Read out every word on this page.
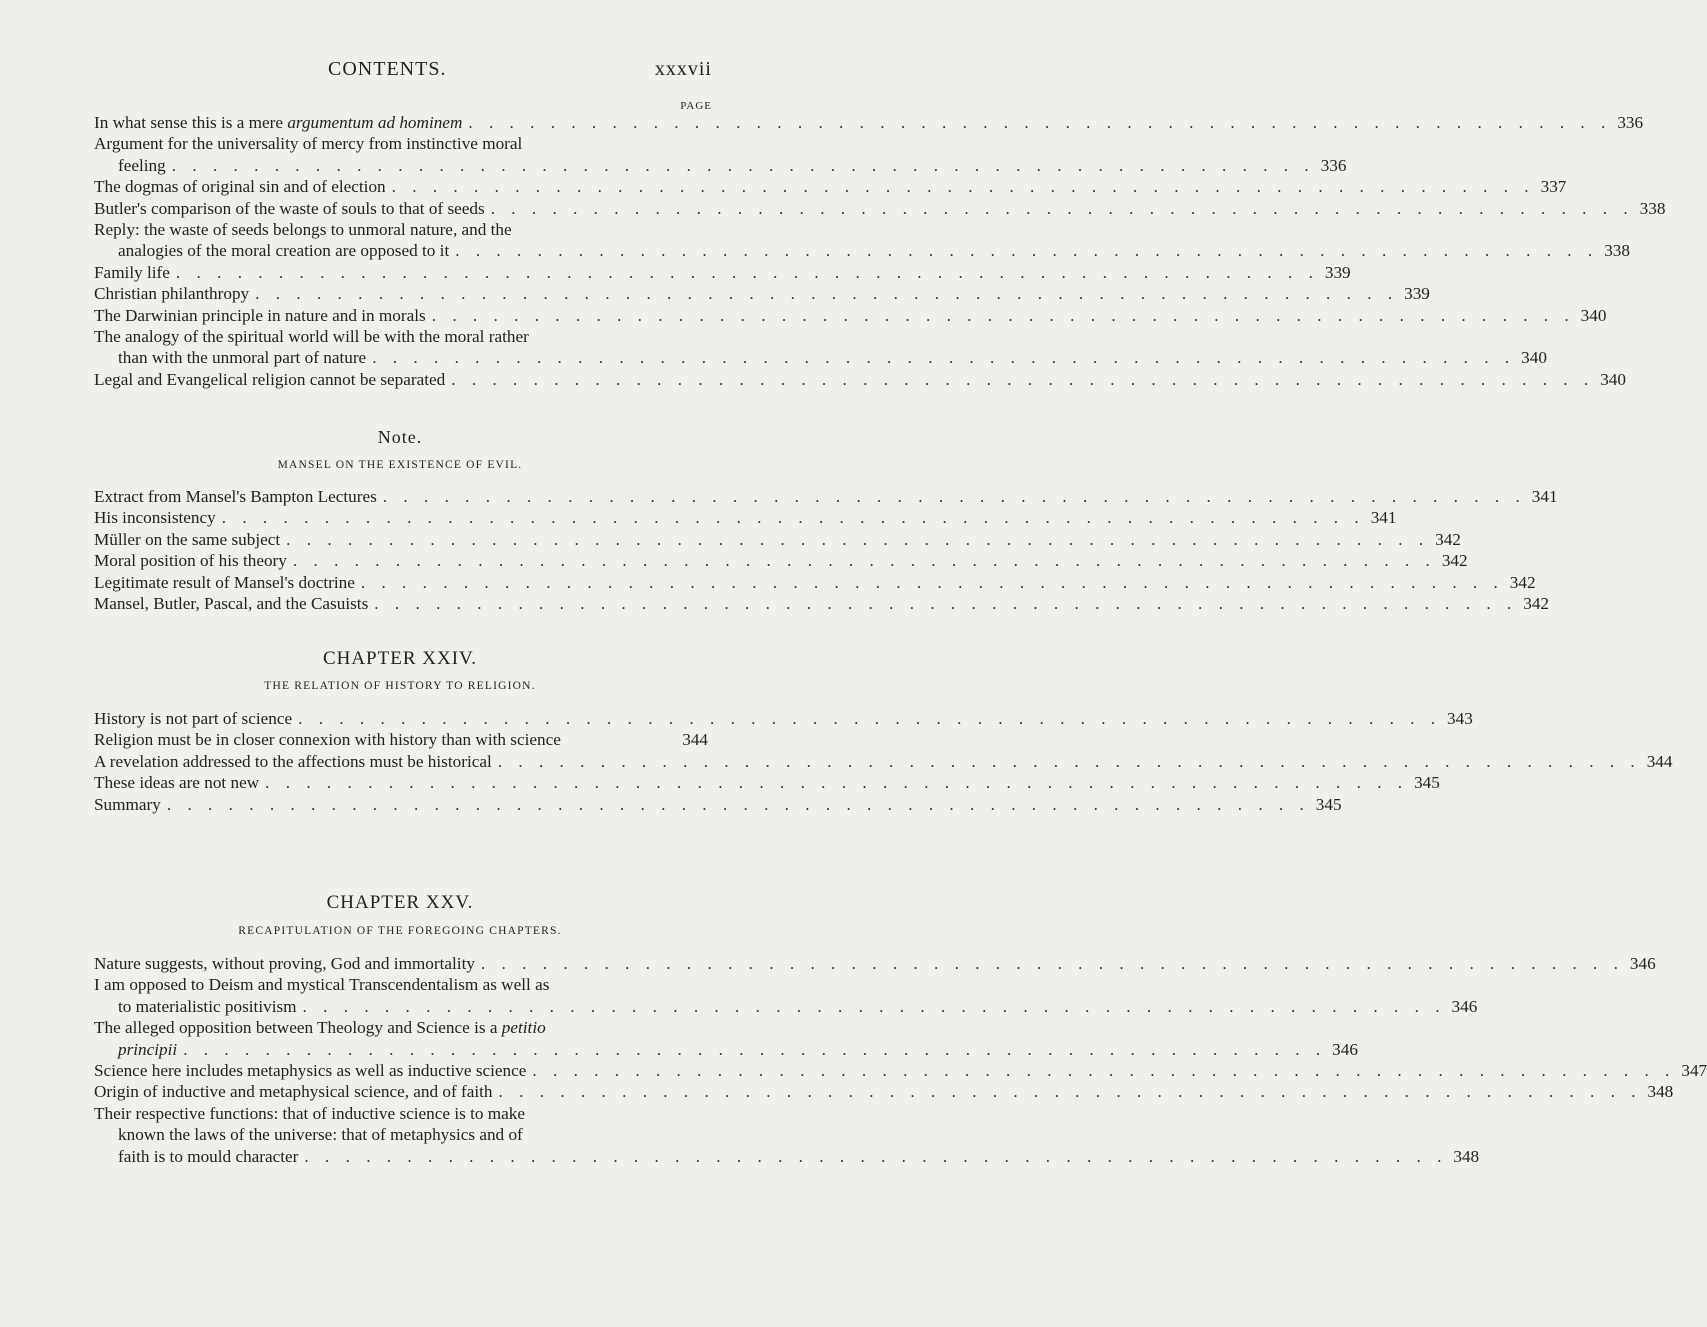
CONTENTS.	xxxvii
PAGE
In what sense this is a mere argumentum ad hominem . . . . . . . . . . . . . . . . . . . . . . . . . . . . . . . . . . . . . . . . . . . . . . . . . . . . . . . . 336
Argument for the universality of mercy from instinctive moral
feeling . . . . . . . . . . . . . . . . . . . . . . . . . . . . . . . . . . . . . . . . . . . . . . . . . . . . . . . . 336
The dogmas of original sin and of election . . . . . . . . . . . . . . . . . . . . . . . . . . . . . . . . . . . . . . . . . . . . . . . . . . . . . . . . 337
Butler's comparison of the waste of souls to that of seeds . . . . . . . . . . . . . . . . . . . . . . . . . . . . . . . . . . . . . . . . . . . . . . . . . . . . . . . . 338
Reply: the waste of seeds belongs to unmoral nature, and the
analogies of the moral creation are opposed to it . . . . . . . . . . . . . . . . . . . . . . . . . . . . . . . . . . . . . . . . . . . . . . . . . . . . . . . . 338
Family life . . . . . . . . . . . . . . . . . . . . . . . . . . . . . . . . . . . . . . . . . . . . . . . . . . . . . . . . 339
Christian philanthropy . . . . . . . . . . . . . . . . . . . . . . . . . . . . . . . . . . . . . . . . . . . . . . . . . . . . . . . . 339
The Darwinian principle in nature and in morals . . . . . . . . . . . . . . . . . . . . . . . . . . . . . . . . . . . . . . . . . . . . . . . . . . . . . . . . 340
The analogy of the spiritual world will be with the moral rather
than with the unmoral part of nature . . . . . . . . . . . . . . . . . . . . . . . . . . . . . . . . . . . . . . . . . . . . . . . . . . . . . . . . 340
Legal and Evangelical religion cannot be separated . . . . . . . . . . . . . . . . . . . . . . . . . . . . . . . . . . . . . . . . . . . . . . . . . . . . . . . . 340
Note.
MANSEL ON THE EXISTENCE OF EVIL.
Extract from Mansel's Bampton Lectures . . . . . . . . . . . . . . . . . . . . . . . . . . . . . . . . . . . . . . . . . . . . . . . . . . . . . . . . 341
His inconsistency . . . . . . . . . . . . . . . . . . . . . . . . . . . . . . . . . . . . . . . . . . . . . . . . . . . . . . . . 341
Müller on the same subject . . . . . . . . . . . . . . . . . . . . . . . . . . . . . . . . . . . . . . . . . . . . . . . . . . . . . . . . 342
Moral position of his theory . . . . . . . . . . . . . . . . . . . . . . . . . . . . . . . . . . . . . . . . . . . . . . . . . . . . . . . . 342
Legitimate result of Mansel's doctrine . . . . . . . . . . . . . . . . . . . . . . . . . . . . . . . . . . . . . . . . . . . . . . . . . . . . . . . . 342
Mansel, Butler, Pascal, and the Casuists . . . . . . . . . . . . . . . . . . . . . . . . . . . . . . . . . . . . . . . . . . . . . . . . . . . . . . . . 342
CHAPTER XXIV.
THE RELATION OF HISTORY TO RELIGION.
History is not part of science . . . . . . . . . . . . . . . . . . . . . . . . . . . . . . . . . . . . . . . . . . . . . . . . . . . . . . . . 343
Religion must be in closer connexion with history than with science	344
A revelation addressed to the affections must be historical . . . . . . . . . . . . . . . . . . . . . . . . . . . . . . . . . . . . . . . . . . . . . . . . . . . . . . . . 344
These ideas are not new . . . . . . . . . . . . . . . . . . . . . . . . . . . . . . . . . . . . . . . . . . . . . . . . . . . . . . . . 345
Summary . . . . . . . . . . . . . . . . . . . . . . . . . . . . . . . . . . . . . . . . . . . . . . . . . . . . . . . . 345
CHAPTER XXV.
RECAPITULATION OF THE FOREGOING CHAPTERS.
Nature suggests, without proving, God and immortality . . . . . . . . . . . . . . . . . . . . . . . . . . . . . . . . . . . . . . . . . . . . . . . . . . . . . . . . 346
I am opposed to Deism and mystical Transcendentalism as well as
to materialistic positivism . . . . . . . . . . . . . . . . . . . . . . . . . . . . . . . . . . . . . . . . . . . . . . . . . . . . . . . . 346
The alleged opposition between Theology and Science is a petitio
principii . . . . . . . . . . . . . . . . . . . . . . . . . . . . . . . . . . . . . . . . . . . . . . . . . . . . . . . . 346
Science here includes metaphysics as well as inductive science . . . . . . . . . . . . . . . . . . . . . . . . . . . . . . . . . . . . . . . . . . . . . . . . . . . . . . . . 347
Origin of inductive and metaphysical science, and of faith . . . . . . . . . . . . . . . . . . . . . . . . . . . . . . . . . . . . . . . . . . . . . . . . . . . . . . . . 348
Their respective functions: that of inductive science is to make
known the laws of the universe: that of metaphysics and of
faith is to mould character . . . . . . . . . . . . . . . . . . . . . . . . . . . . . . . . . . . . . . . . . . . . . . . . . . . . . . . . 348
